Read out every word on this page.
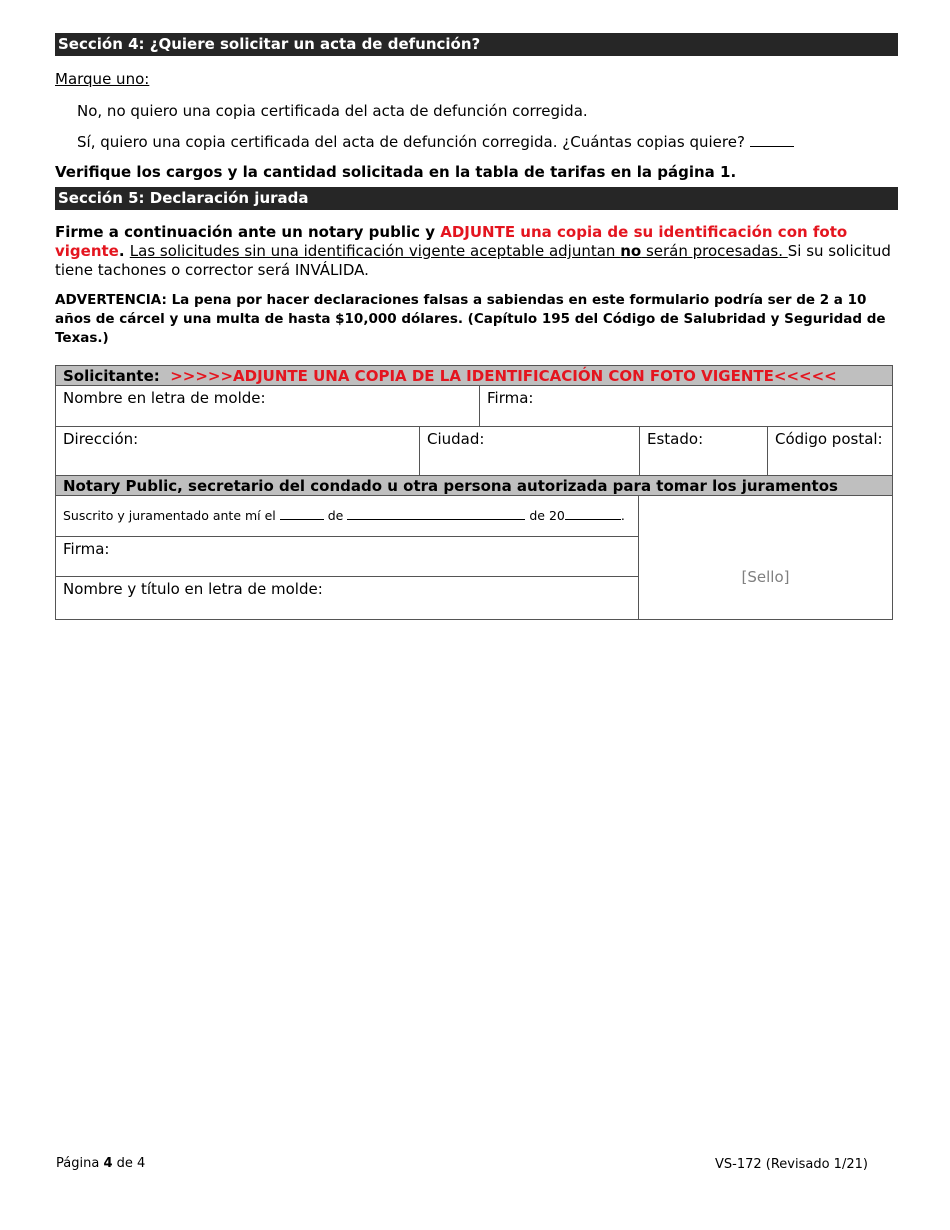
Sección 4: ¿Quiere solicitar un acta de defunción?
Marque uno:
No, no quiero una copia certificada del acta de defunción corregida.
Sí, quiero una copia certificada del acta de defunción corregida. ¿Cuántas copias quiere?
Verifique los cargos y la cantidad solicitada en la tabla de tarifas en la página 1.
Sección 5: Declaración jurada
Firme a continuación ante un notary public y ADJUNTE una copia de su identificación con foto vigente. Las solicitudes sin una identificación vigente aceptable adjuntan no serán procesadas. Si su solicitud tiene tachones o corrector será INVÁLIDA.
ADVERTENCIA: La pena por hacer declaraciones falsas a sabiendas en este formulario podría ser de 2 a 10 años de cárcel y una multa de hasta $10,000 dólares. (Capítulo 195 del Código de Salubridad y Seguridad de Texas.)
Solicitante:
>>>>>ADJUNTE UNA COPIA DE LA IDENTIFICACIÓN CON FOTO VIGENTE<<<<<
Nombre en letra de molde:	Firma:
Dirección:	Ciudad:	Estado:	Código postal:
Notary Public, secretario del condado u otra persona autorizada para tomar los juramentos
Suscrito y juramentado ante mí el	de	de 20	.
Firma:
Nombre y título en letra de molde:
[Sello]
Página 4 de 4	VS-172 (Revisado 1/21)
